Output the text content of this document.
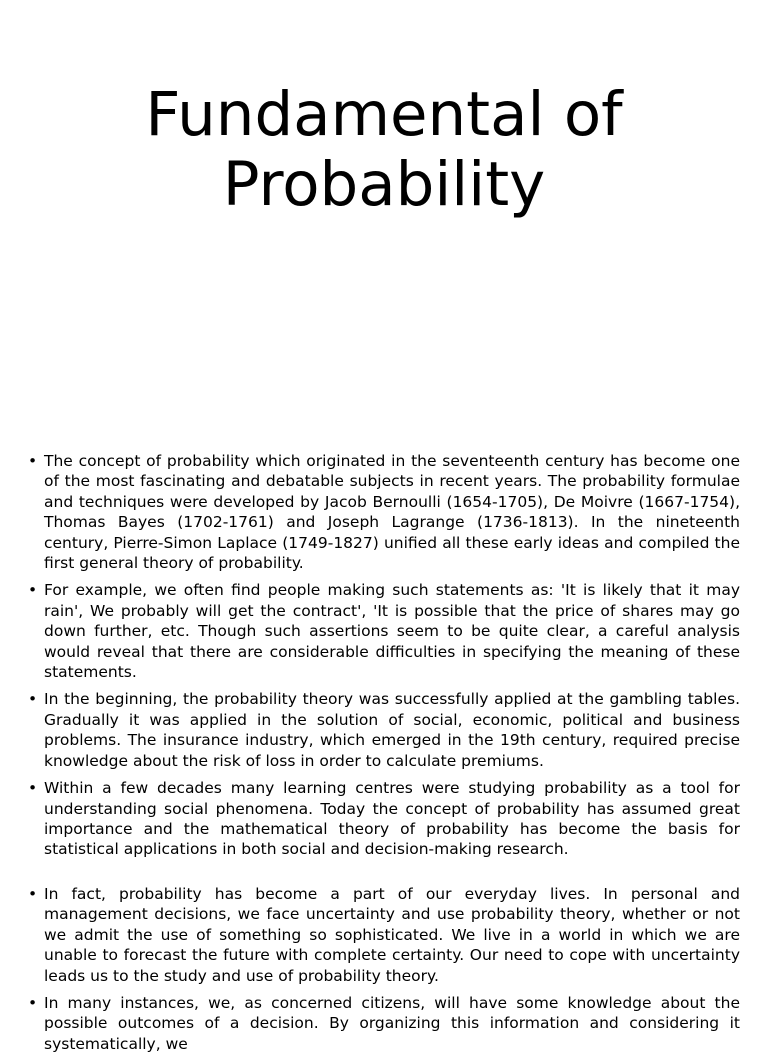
Fundamental of
Probability
• The concept of probability which originated in the seventeenth century has become one of the most fascinating and debatable subjects in recent years. The probability formulae and techniques were developed by Jacob Bernoulli (1654-1705), De Moivre (1667-1754), Thomas Bayes (1702-1761) and Joseph Lagrange (1736-1813). In the nineteenth century, Pierre-Simon Laplace (1749-1827) unified all these early ideas and compiled the first general theory of probability.
• For example, we often find people making such statements as: 'It is likely that it may rain', We probably will get the contract', 'It is possible that the price of shares may go down further, etc. Though such assertions seem to be quite clear, a careful analysis would reveal that there are considerable difficulties in specifying the meaning of these statements.
• In the beginning, the probability theory was successfully applied at the gambling tables. Gradually it was applied in the solution of social, economic, political and business problems. The insurance industry, which emerged in the 19th century, required precise knowledge about the risk of loss in order to calculate premiums.
• Within a few decades many learning centres were studying probability as a tool for understanding social phenomena. Today the concept of probability has assumed great importance and the mathematical theory of probability has become the basis for statistical applications in both social and decision-making research.
• In fact, probability has become a part of our everyday lives. In personal and management decisions, we face uncertainty and use probability theory, whether or not we admit the use of something so sophisticated. We live in a world in which we are unable to forecast the future with complete certainty. Our need to cope with uncertainty leads us to the study and use of probability theory.
• In many instances, we, as concerned citizens, will have some knowledge about the possible outcomes of a decision. By organizing this information and considering it systematically, we
